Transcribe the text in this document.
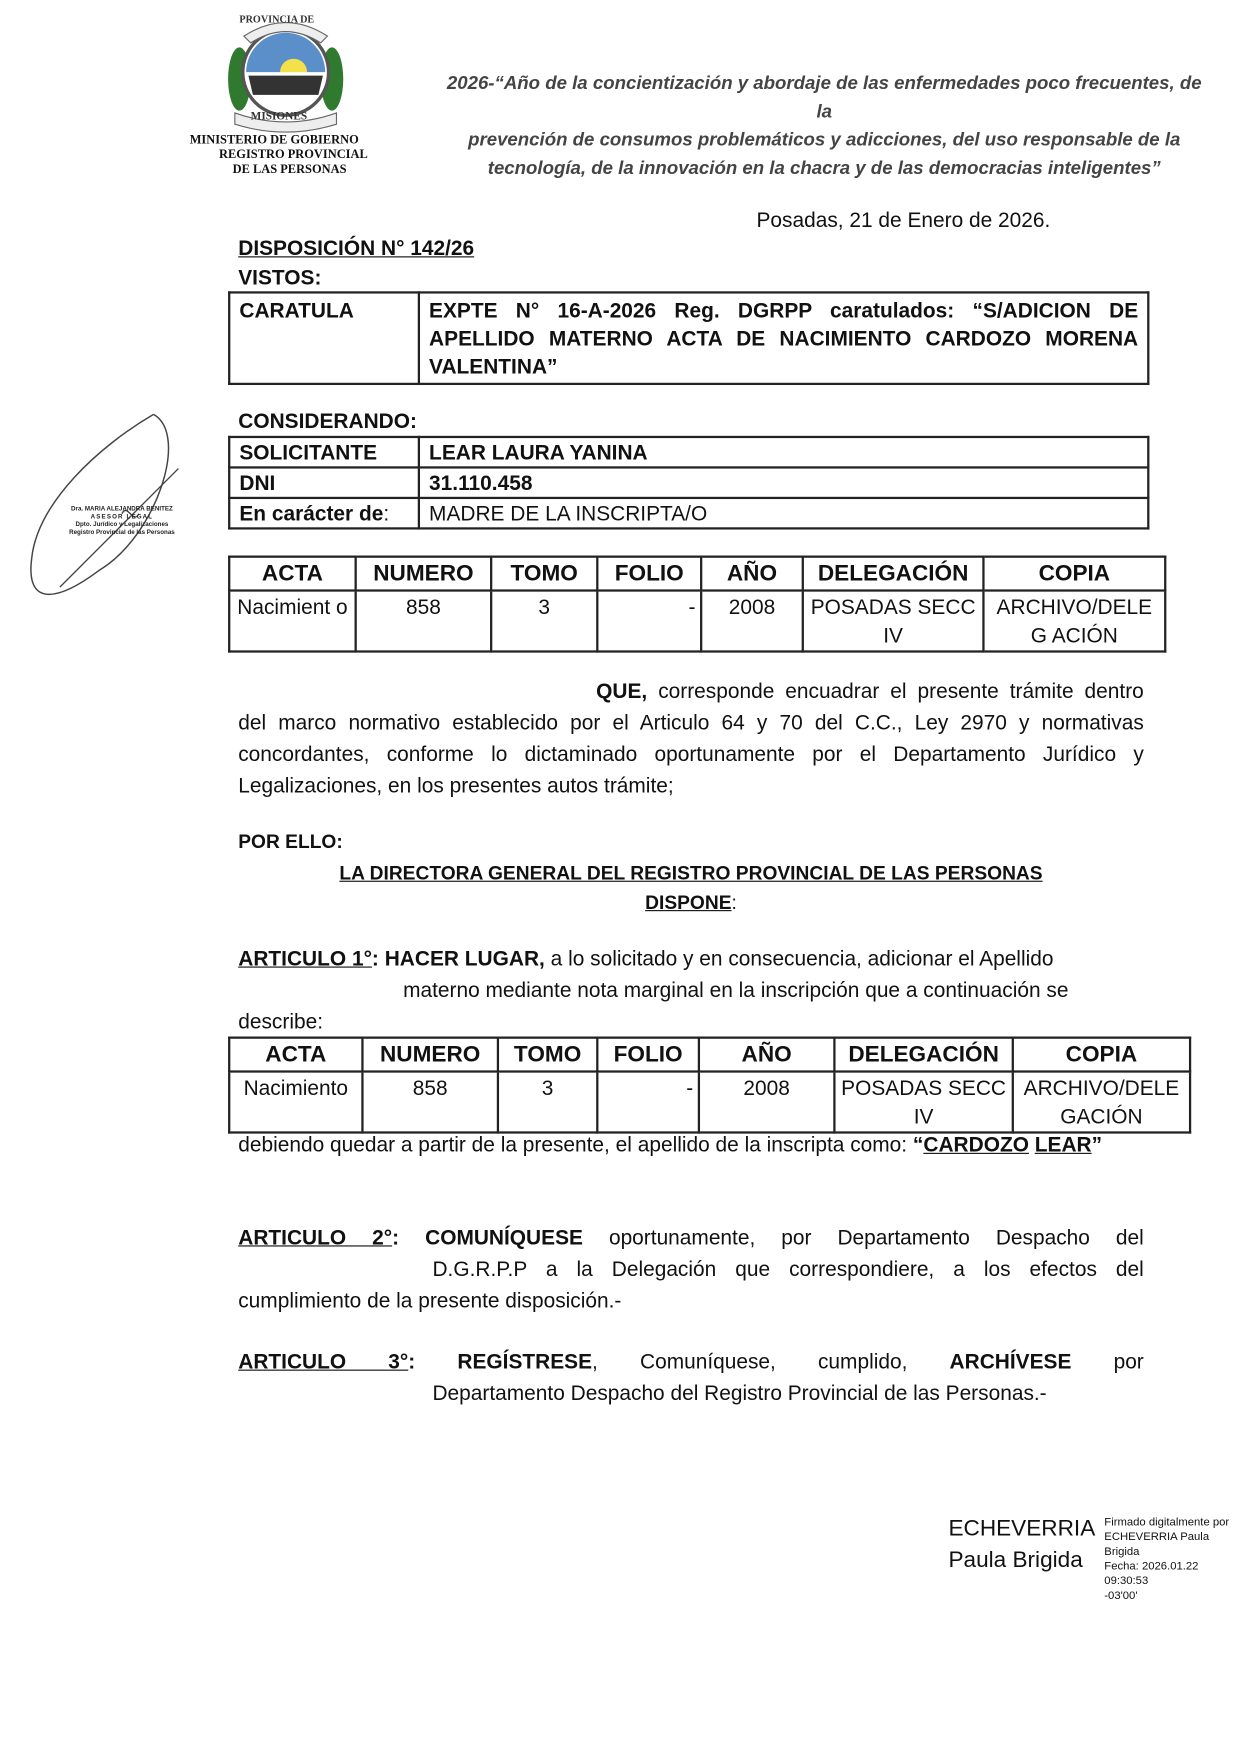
PROVINCIA DE
MISIONES
MINISTERIO DE GOBIERNO
REGISTRO PROVINCIAL
DE LAS PERSONAS
2026-“Año de la concientización y abordaje de las enfermedades poco frecuentes, de la
prevención de consumos problemáticos y adicciones, del uso responsable de la
tecnología, de la innovación en la chacra y de las democracias inteligentes”
Posadas, 21 de Enero de 2026.
DISPOSICIÓN N° 142/26
VISTOS:
CARATULA	EXPTE N° 16-A-2026 Reg. DGRPP caratulados: “S/ADICION DE APELLIDO MATERNO ACTA DE NACIMIENTO CARDOZO MORENA VALENTINA”
CONSIDERANDO:
SOLICITANTE	LEAR LAURA YANINA
DNI	31.110.458
En carácter de:	MADRE DE LA INSCRIPTA/O
ACTA	NUMERO	TOMO	FOLIO	AÑO	DELEGACIÓN	COPIA
Nacimient o	858	3	-	2008	POSADAS SECC IV	ARCHIVO/DELEG ACIÓN
QUE, corresponde encuadrar el presente trámite dentro del marco normativo establecido por el Articulo 64 y 70 del C.C., Ley 2970 y normativas concordantes, conforme lo dictaminado oportunamente por el Departamento Jurídico y Legalizaciones, en los presentes autos trámite;
POR ELLO:
LA DIRECTORA GENERAL DEL REGISTRO PROVINCIAL DE LAS PERSONAS
DISPONE:
ARTICULO 1°: HACER LUGAR, a lo solicitado y en consecuencia, adicionar el Apellido
materno mediante nota marginal en la inscripción que a continuación se
describe:
ACTA	NUMERO	TOMO	FOLIO	AÑO	DELEGACIÓN	COPIA
Nacimiento	858	3	-	2008	POSADAS SECC IV	ARCHIVO/DELE GACIÓN
debiendo quedar a partir de la presente, el apellido de la inscripta como: “CARDOZO LEAR”
ARTICULO 2°: COMUNÍQUESE oportunamente, por Departamento Despacho del
D.G.R.P.P a la Delegación que correspondiere, a los efectos del
cumplimiento de la presente disposición.-
ARTICULO 3°: REGÍSTRESE, Comuníquese, cumplido, ARCHÍVESE por
Departamento Despacho del Registro Provincial de las Personas.-
Dra. MARIA ALEJANDRA BENITEZ
ASESOR LEGAL
Dpto. Jurídico y Legalizaciones
Registro Provincial de las Personas
ECHEVERRIA
Paula Brigida
Firmado digitalmente por
ECHEVERRIA Paula Brigida
Fecha: 2026.01.22 09:30:53
-03'00'
